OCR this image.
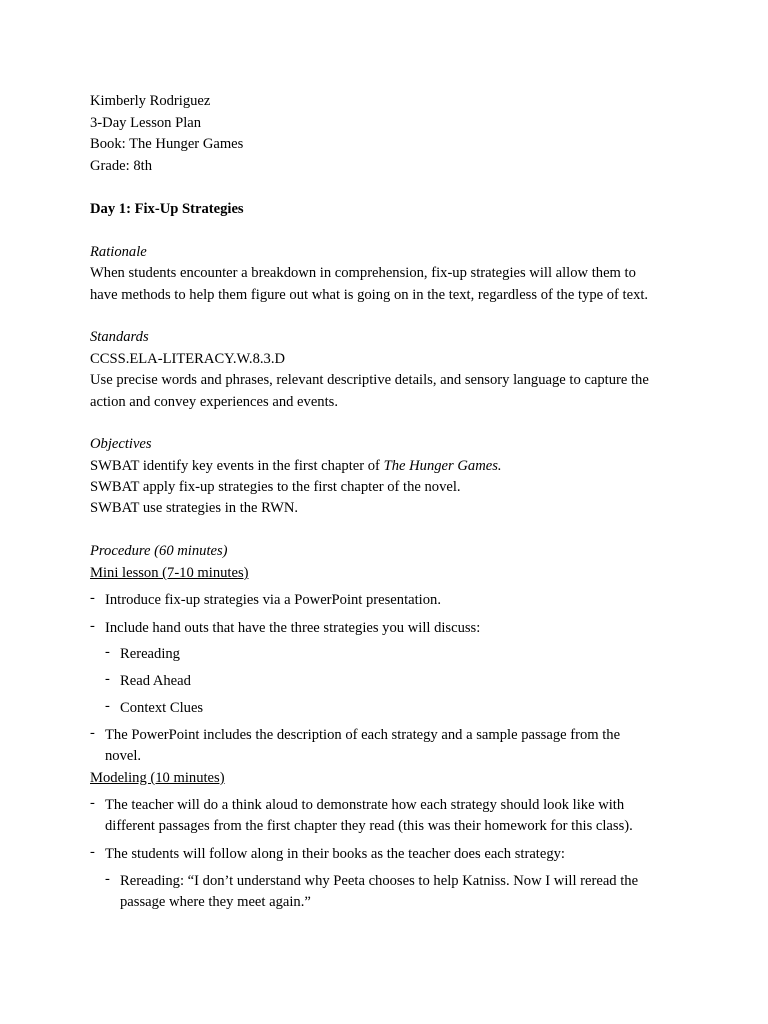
Kimberly Rodriguez

3-Day Lesson Plan

Book: The Hunger Games

Grade: 8th

Day 1: Fix-Up Strategies

Rationale

When students encounter a breakdown in comprehension, fix-up strategies will allow them to

have methods to help them figure out what is going on in the text, regardless of the type of text.

Standards

CCSS.ELA-LITERACY.W.8.3.D

Use precise words and phrases, relevant descriptive details, and sensory language to capture the

action and convey experiences and events.

Objectives

SWBAT identify key events in the first chapter of The Hunger Games.

SWBAT apply fix-up strategies to the first chapter of the novel.

SWBAT use strategies in the RWN.

Procedure (60 minutes)

Mini lesson (7-10 minutes)

- Introduce fix-up strategies via a PowerPoint presentation.

- Include hand outs that have the three strategies you will discuss:

- Rereading

- Read Ahead

- Context Clues

- The PowerPoint includes the description of each strategy and a sample passage from the

novel.

Modeling (10 minutes)

- The teacher will do a think aloud to demonstrate how each strategy should look like with

different passages from the first chapter they read (this was their homework for this class).

- The students will follow along in their books as the teacher does each strategy:

- Rereading: “I don’t understand why Peeta chooses to help Katniss. Now I will reread the

passage where they meet again.”
